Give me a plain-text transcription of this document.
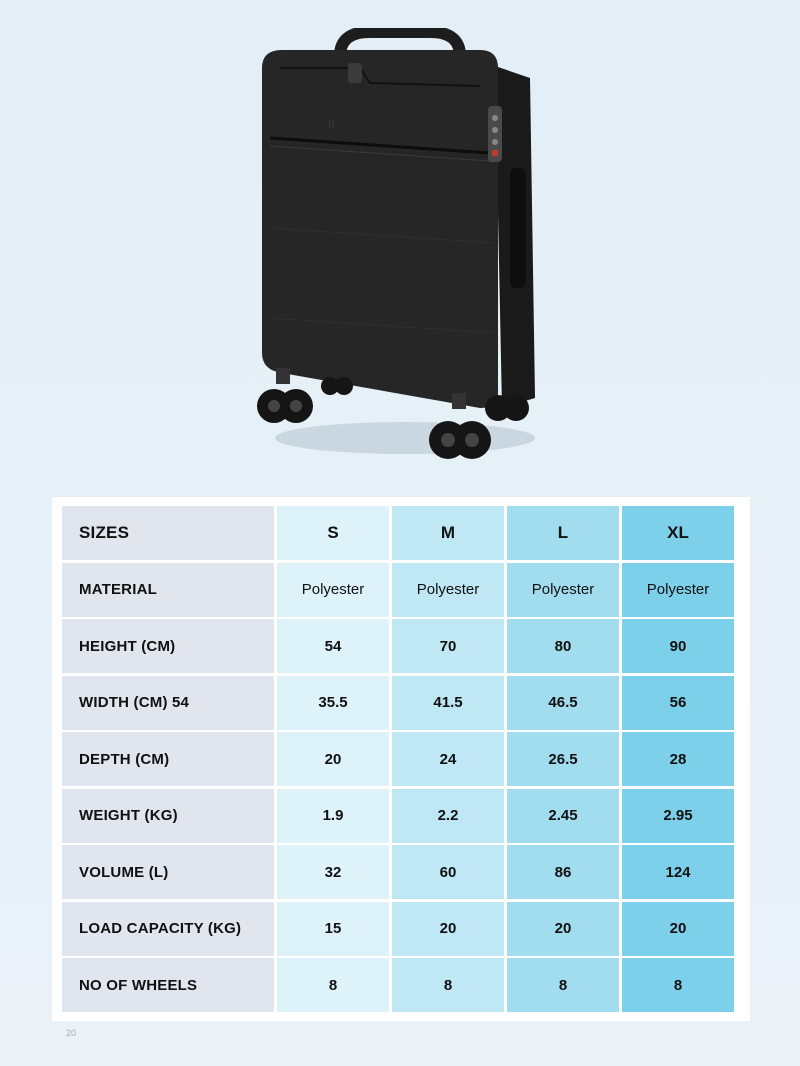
ll
SIZES	S	M	L	XL
MATERIAL	Polyester	Polyester	Polyester	Polyester
HEIGHT (CM)	54	70	80	90
WIDTH (CM) 54	35.5	41.5	46.5	56
DEPTH (CM)	20	24	26.5	28
WEIGHT (KG)	1.9	2.2	2.45	2.95
VOLUME (L)	32	60	86	124
LOAD CAPACITY (KG)	15	20	20	20
NO OF WHEELS	8	8	8	8
20
